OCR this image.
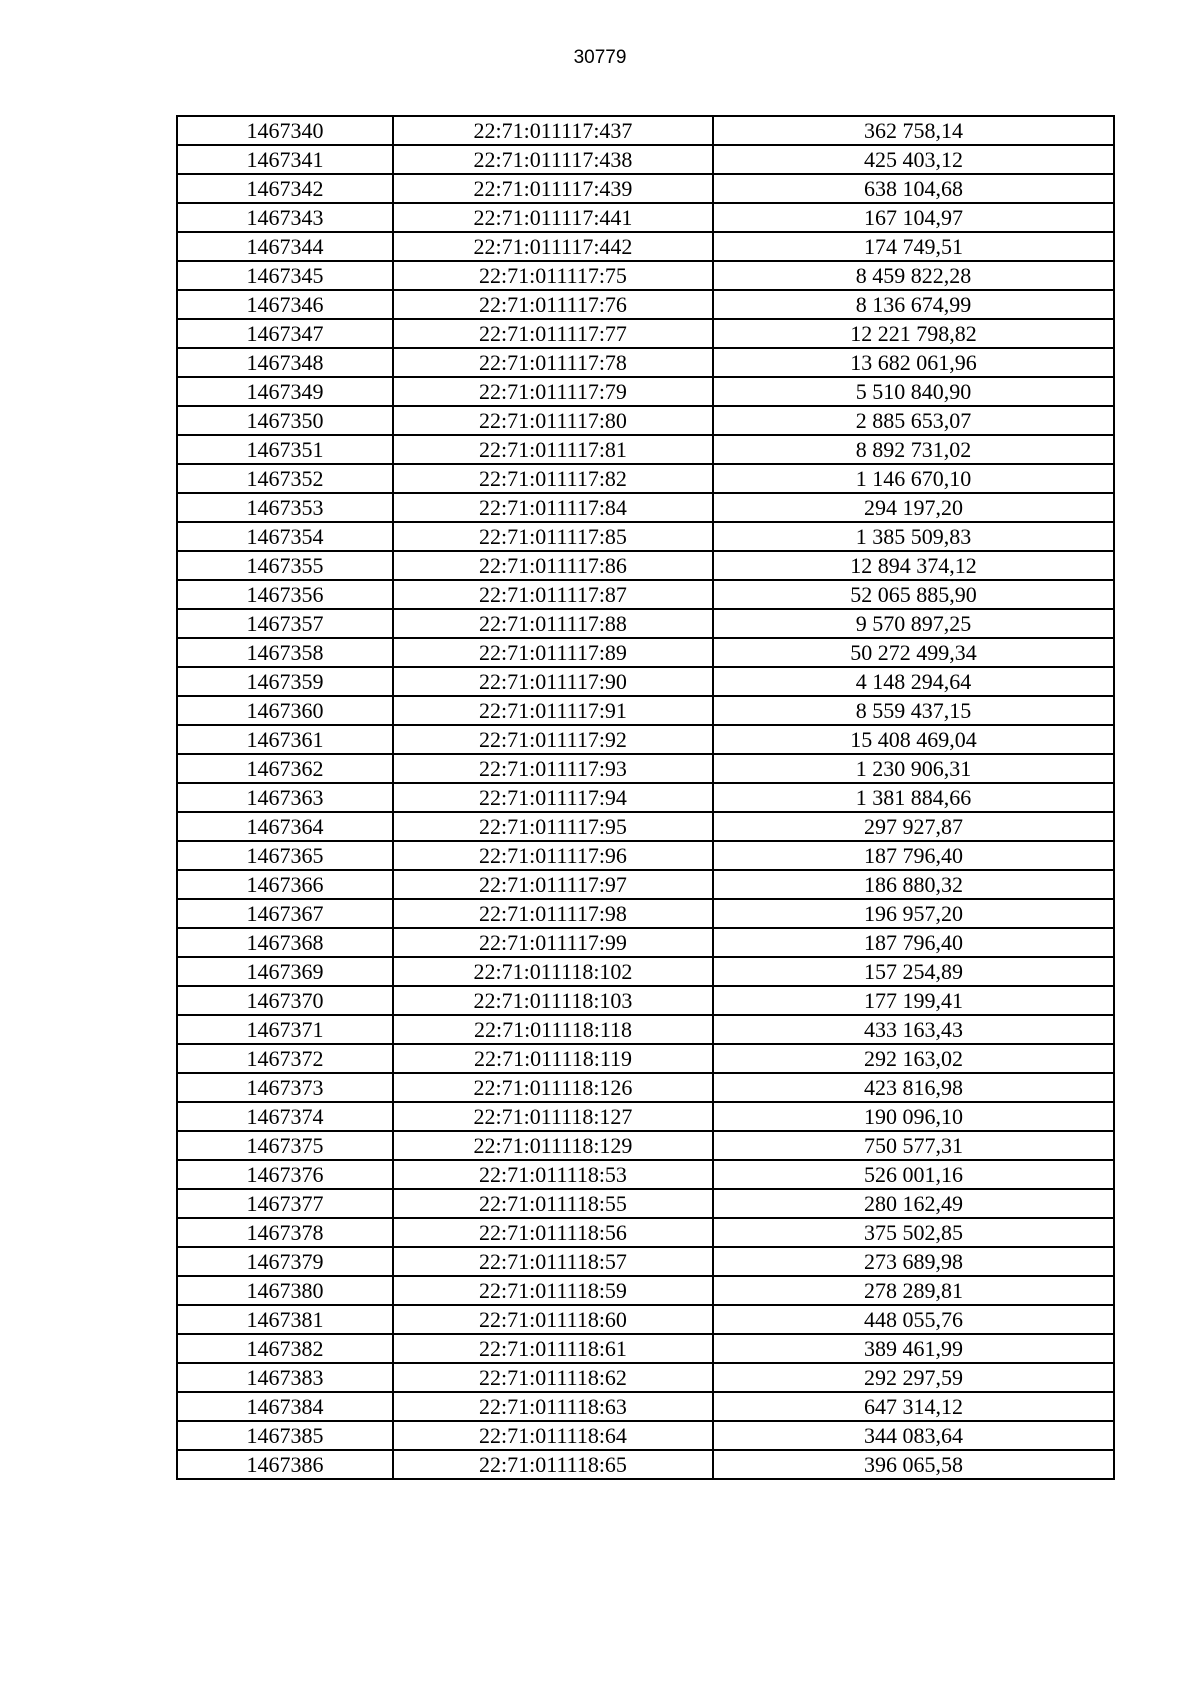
30779
1467340	22:71:011117:437	362 758,14
1467341	22:71:011117:438	425 403,12
1467342	22:71:011117:439	638 104,68
1467343	22:71:011117:441	167 104,97
1467344	22:71:011117:442	174 749,51
1467345	22:71:011117:75	8 459 822,28
1467346	22:71:011117:76	8 136 674,99
1467347	22:71:011117:77	12 221 798,82
1467348	22:71:011117:78	13 682 061,96
1467349	22:71:011117:79	5 510 840,90
1467350	22:71:011117:80	2 885 653,07
1467351	22:71:011117:81	8 892 731,02
1467352	22:71:011117:82	1 146 670,10
1467353	22:71:011117:84	294 197,20
1467354	22:71:011117:85	1 385 509,83
1467355	22:71:011117:86	12 894 374,12
1467356	22:71:011117:87	52 065 885,90
1467357	22:71:011117:88	9 570 897,25
1467358	22:71:011117:89	50 272 499,34
1467359	22:71:011117:90	4 148 294,64
1467360	22:71:011117:91	8 559 437,15
1467361	22:71:011117:92	15 408 469,04
1467362	22:71:011117:93	1 230 906,31
1467363	22:71:011117:94	1 381 884,66
1467364	22:71:011117:95	297 927,87
1467365	22:71:011117:96	187 796,40
1467366	22:71:011117:97	186 880,32
1467367	22:71:011117:98	196 957,20
1467368	22:71:011117:99	187 796,40
1467369	22:71:011118:102	157 254,89
1467370	22:71:011118:103	177 199,41
1467371	22:71:011118:118	433 163,43
1467372	22:71:011118:119	292 163,02
1467373	22:71:011118:126	423 816,98
1467374	22:71:011118:127	190 096,10
1467375	22:71:011118:129	750 577,31
1467376	22:71:011118:53	526 001,16
1467377	22:71:011118:55	280 162,49
1467378	22:71:011118:56	375 502,85
1467379	22:71:011118:57	273 689,98
1467380	22:71:011118:59	278 289,81
1467381	22:71:011118:60	448 055,76
1467382	22:71:011118:61	389 461,99
1467383	22:71:011118:62	292 297,59
1467384	22:71:011118:63	647 314,12
1467385	22:71:011118:64	344 083,64
1467386	22:71:011118:65	396 065,58
